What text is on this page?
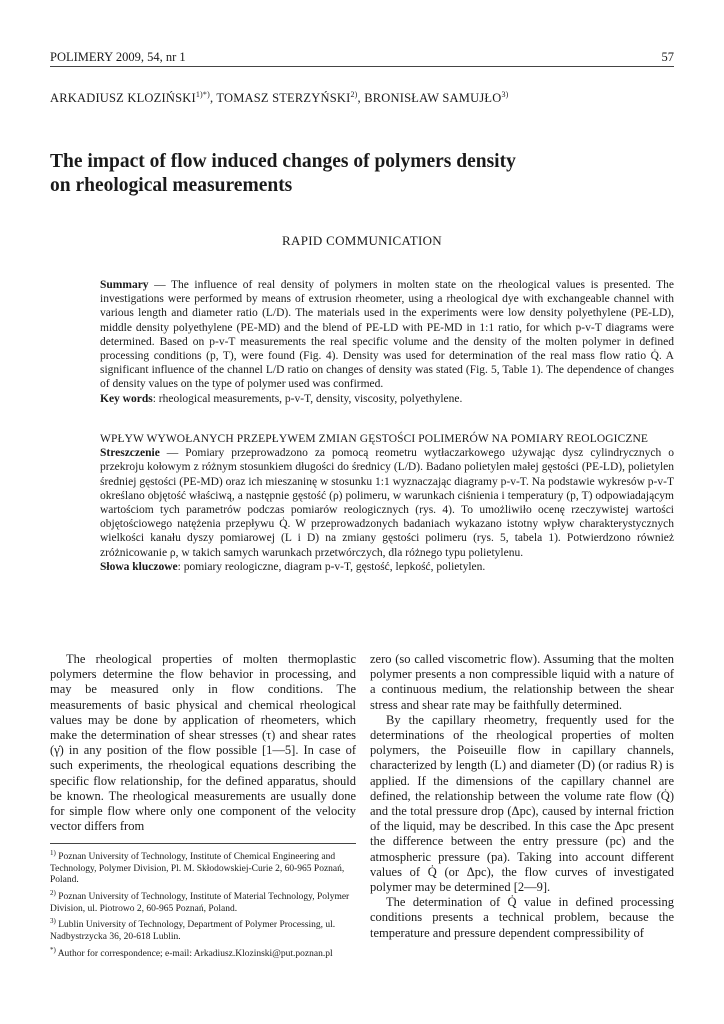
POLIMERY 2009, 54, nr 1	57
ARKADIUSZ $KLOZIŃSKI^{1)*)}$, TOMASZ STERZYŃSKI$^{2)}$, BRONISŁAW SAMUJŁO$^{3)}$
The impact of flow induced changes of polymers density
on rheological measurements
RAPID COMMUNICATION
Summary — The influence of real density of polymers in molten state on the rheological values is presented. The investigations were performed by means of extrusion rheometer, using a rheological dye with exchangeable channel with various length and diameter ratio (L/D). The materials used in the experiments were low density polyethylene (PE-LD), middle density polyethylene (PE-MD) and the blend of PE-LD with PE-MD in 1:1 ratio, for which p-v-T diagrams were determined. Based on p-v-T measurements the real specific volume and the density of the molten polymer in defined processing conditions (p, T), were found (Fig. 4). Density was used for determination of the real mass flow ratio Q̇. A significant influence of the channel L/D ratio on changes of density was stated (Fig. 5, Table 1). The dependence of changes of density values on the type of polymer used was confirmed.
Key words: rheological measurements, p-v-T, density, viscosity, polyethylene.
WPŁYW WYWOŁANYCH PRZEPŁYWEM ZMIAN GĘSTOŚCI POLIMERÓW NA POMIARY REOLOGICZNE
Streszczenie — Pomiary przeprowadzono za pomocą reometru wytłaczarkowego używając dysz cylindrycznych o przekroju kołowym z różnym stosunkiem długości do średnicy (L/D). Badano polietylen małej gęstości (PE-LD), polietylen średniej gęstości (PE-MD) oraz ich mieszaninę w stosunku 1:1 wyznaczając diagramy p-v-T. Na podstawie wykresów p-v-T określano objętość właściwą, a następnie gęstość (ρ) polimeru, w warunkach ciśnienia i temperatury (p, T) odpowiadającym wartościom tych parametrów podczas pomiarów reologicznych (rys. 4). To umożliwiło ocenę rzeczywistej wartości objętościowego natężenia przepływu Q̇. W przeprowadzonych badaniach wykazano istotny wpływ charakterystycznych wielkości kanału dyszy pomiarowej (L i D) na zmiany gęstości polimeru (rys. 5, tabela 1). Potwierdzono również zróżnicowanie ρ, w takich samych warunkach przetwórczych, dla różnego typu polietylenu.
Słowa kluczowe: pomiary reologiczne, diagram p-v-T, gęstość, lepkość, polietylen.

The rheological properties of molten thermoplastic polymers determine the flow behavior in processing, and may be measured only in flow conditions. The measurements of basic physical and chemical rheological values may be done by application of rheometers, which make the determination of shear stresses (τ) and shear rates (γ̇) in any position of the flow possible [1—5]. In case of such experiments, the rheological equations describing the specific flow relationship, for the defined apparatus, should be known. The rheological measurements are usually done for simple flow where only one component of the velocity vector differs from

$^{1)}$ Poznan University of Technology, Institute of Chemical Engineering and Technology, Polymer Division, Pl. M. Skłodowskiej-Curie 2, 60-965 Poznań, Poland.
$^{2)}$ Poznan University of Technology, Institute of Material Technology, Polymer Division, ul. Piotrowo 2, 60-965 Poznań, Poland.
$^{3)}$ Lublin University of Technology, Department of Polymer Processing, ul. Nadbystrzycka 36, 20-618 Lublin.
*) Author for correspondence; e-mail: Arkadiusz.Klozinski@put.poznan.pl

zero (so called viscometric flow). Assuming that the molten polymer presents a non compressible liquid with a nature of a continuous medium, the relationship between the shear stress and shear rate may be faithfully determined.

By the capillary rheometry, frequently used for the determinations of the rheological properties of molten polymers, the Poiseuille flow in capillary channels, characterized by length (L) and diameter (D) (or radius R) is applied. If the dimensions of the capillary channel are defined, the relationship between the volume rate flow (Q̇) and the total pressure drop (Δpc), caused by internal friction of the liquid, may be described. In this case the Δpc present the difference between the entry pressure (pc) and the atmospheric pressure (pa). Taking into account different values of Q̇ (or Δpc), the flow curves of investigated polymer may be determined [2—9].

The determination of Q̇ value in defined processing conditions presents a technical problem, because the temperature and pressure dependent compressibility of
